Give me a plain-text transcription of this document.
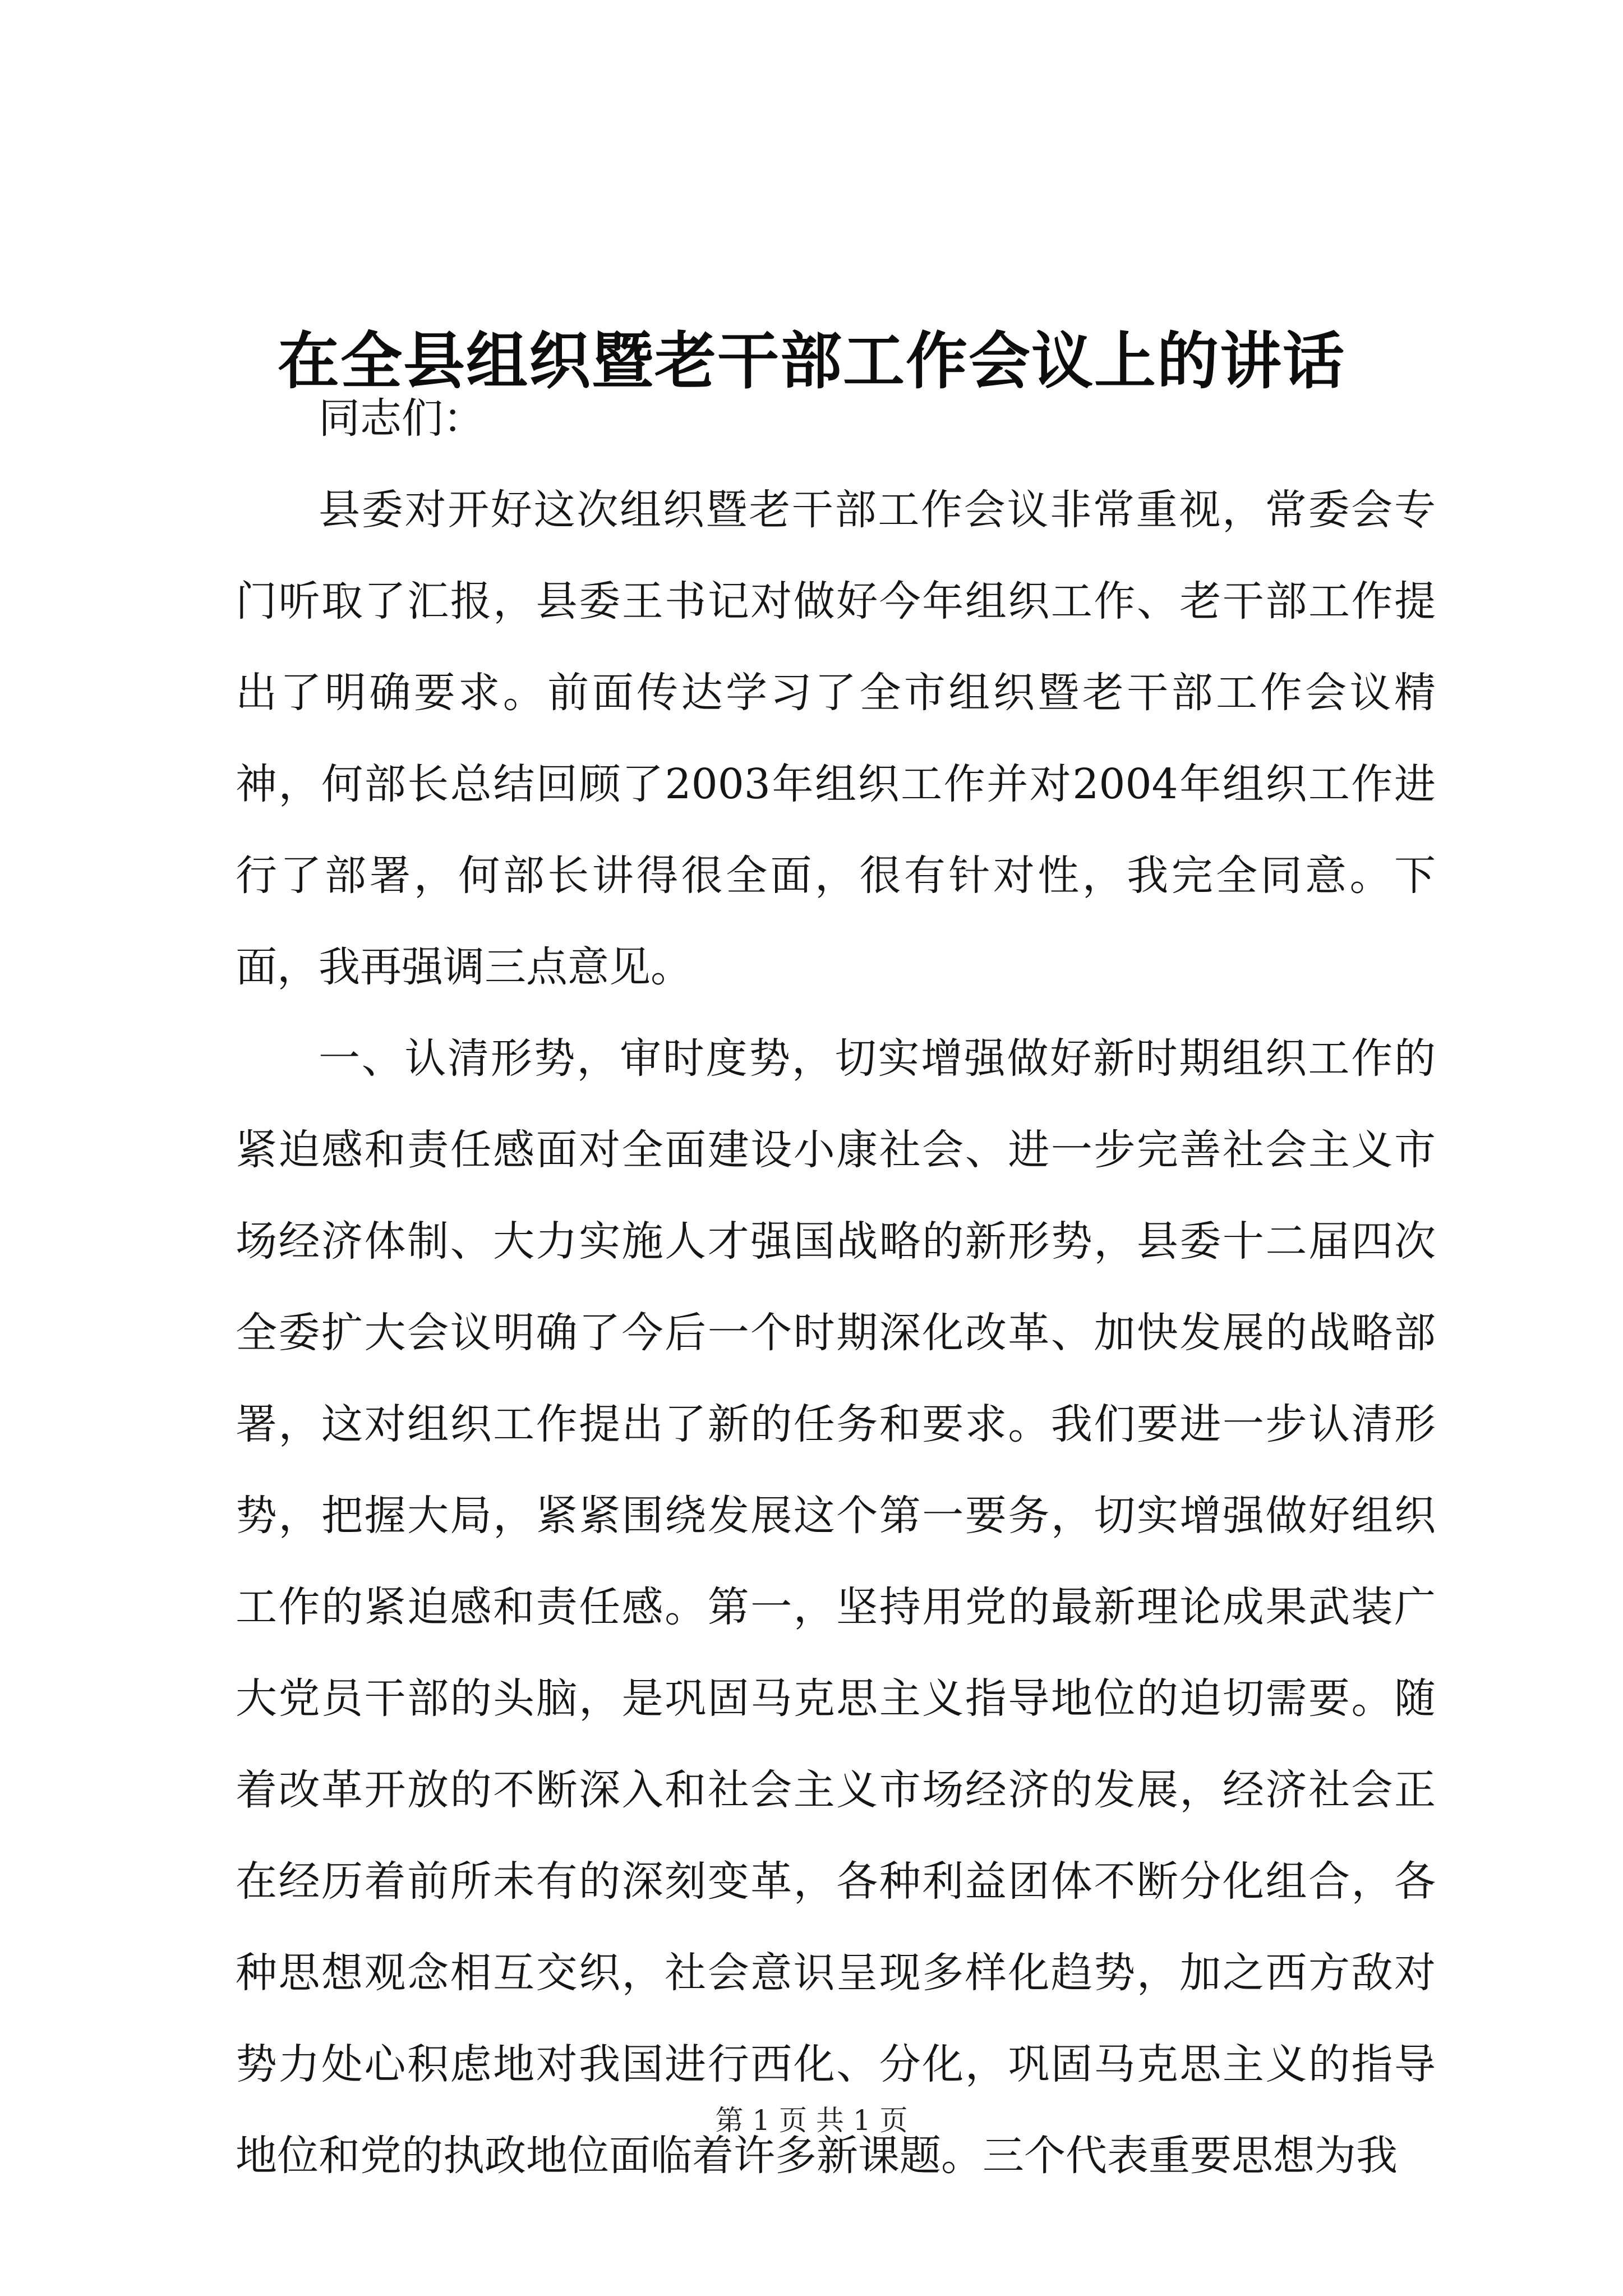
在全县组织暨老干部工作会议上的讲话

同志们：

县委对开好这次组织暨老干部工作会议非常重视，常委会专门听取了汇报，县委王书记对做好今年组织工作、老干部工作提出了明确要求。前面传达学习了全市组织暨老干部工作会议精神，何部长总结回顾了2003年组织工作并对2004年组织工作进行了部署，何部长讲得很全面，很有针对性，我完全同意。下面，我再强调三点意见。

一、认清形势，审时度势，切实增强做好新时期组织工作的紧迫感和责任感面对全面建设小康社会、进一步完善社会主义市场经济体制、大力实施人才强国战略的新形势，县委十二届四次全委扩大会议明确了今后一个时期深化改革、加快发展的战略部署，这对组织工作提出了新的任务和要求。我们要进一步认清形势，把握大局，紧紧围绕发展这个第一要务，切实增强做好组织工作的紧迫感和责任感。第一，坚持用党的最新理论成果武装广大党员干部的头脑，是巩固马克思主义指导地位的迫切需要。随着改革开放的不断深入和社会主义市场经济的发展，经济社会正在经历着前所未有的深刻变革，各种利益团体不断分化组合，各种思想观念相互交织，社会意识呈现多样化趋势，加之西方敌对势力处心积虑地对我国进行西化、分化，巩固马克思主义的指导地位和党的执政地位面临着许多新课题。三个代表重要思想为我

第 1 页 共 1 页
